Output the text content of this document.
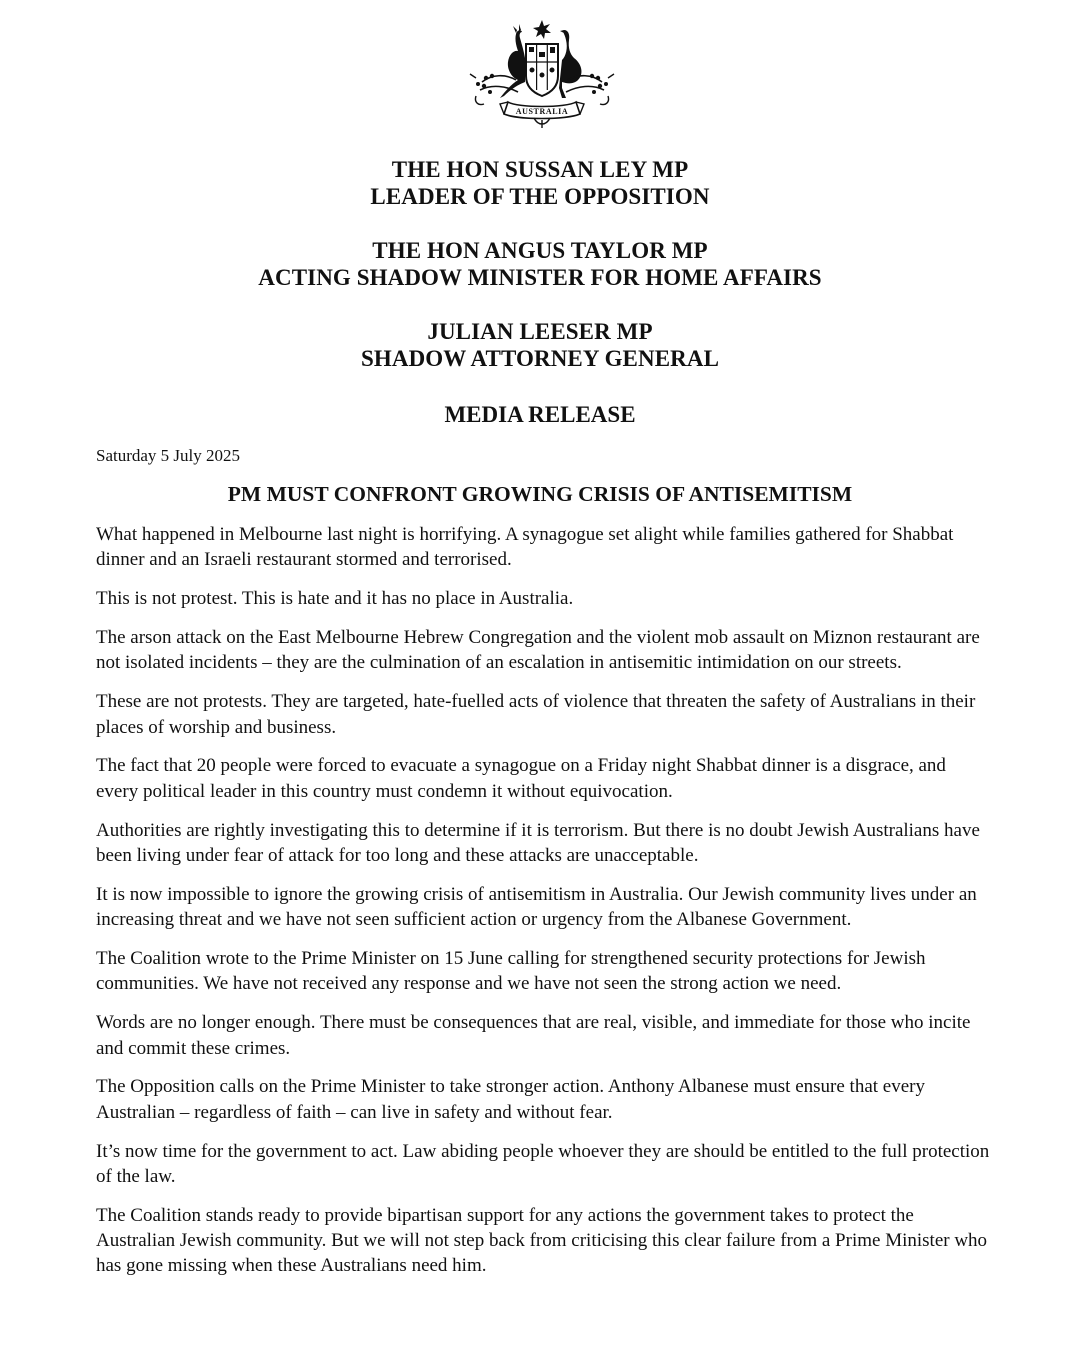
AUSTRALIA
THE HON SUSSAN LEY MP
LEADER OF THE OPPOSITION
THE HON ANGUS TAYLOR MP
ACTING SHADOW MINISTER FOR HOME AFFAIRS
JULIAN LEESER MP
SHADOW ATTORNEY GENERAL
MEDIA RELEASE
Saturday 5 July 2025
PM MUST CONFRONT GROWING CRISIS OF ANTISEMITISM

What happened in Melbourne last night is horrifying. A synagogue set alight while families gathered for Shabbat dinner and an Israeli restaurant stormed and terrorised.

This is not protest. This is hate and it has no place in Australia.

The arson attack on the East Melbourne Hebrew Congregation and the violent mob assault on Miznon restaurant are not isolated incidents – they are the culmination of an escalation in antisemitic intimidation on our streets.

These are not protests. They are targeted, hate-fuelled acts of violence that threaten the safety of Australians in their places of worship and business.

The fact that 20 people were forced to evacuate a synagogue on a Friday night Shabbat dinner is a disgrace, and every political leader in this country must condemn it without equivocation.

Authorities are rightly investigating this to determine if it is terrorism. But there is no doubt Jewish Australians have been living under fear of attack for too long and these attacks are unacceptable.

It is now impossible to ignore the growing crisis of antisemitism in Australia. Our Jewish community lives under an increasing threat and we have not seen sufficient action or urgency from the Albanese Government.

The Coalition wrote to the Prime Minister on 15 June calling for strengthened security protections for Jewish communities. We have not received any response and we have not seen the strong action we need.

Words are no longer enough. There must be consequences that are real, visible, and immediate for those who incite and commit these crimes.

The Opposition calls on the Prime Minister to take stronger action. Anthony Albanese must ensure that every Australian – regardless of faith – can live in safety and without fear.

It’s now time for the government to act. Law abiding people whoever they are should be entitled to the full protection of the law.

The Coalition stands ready to provide bipartisan support for any actions the government takes to protect the Australian Jewish community. But we will not step back from criticising this clear failure from a Prime Minister who has gone missing when these Australians need him.
